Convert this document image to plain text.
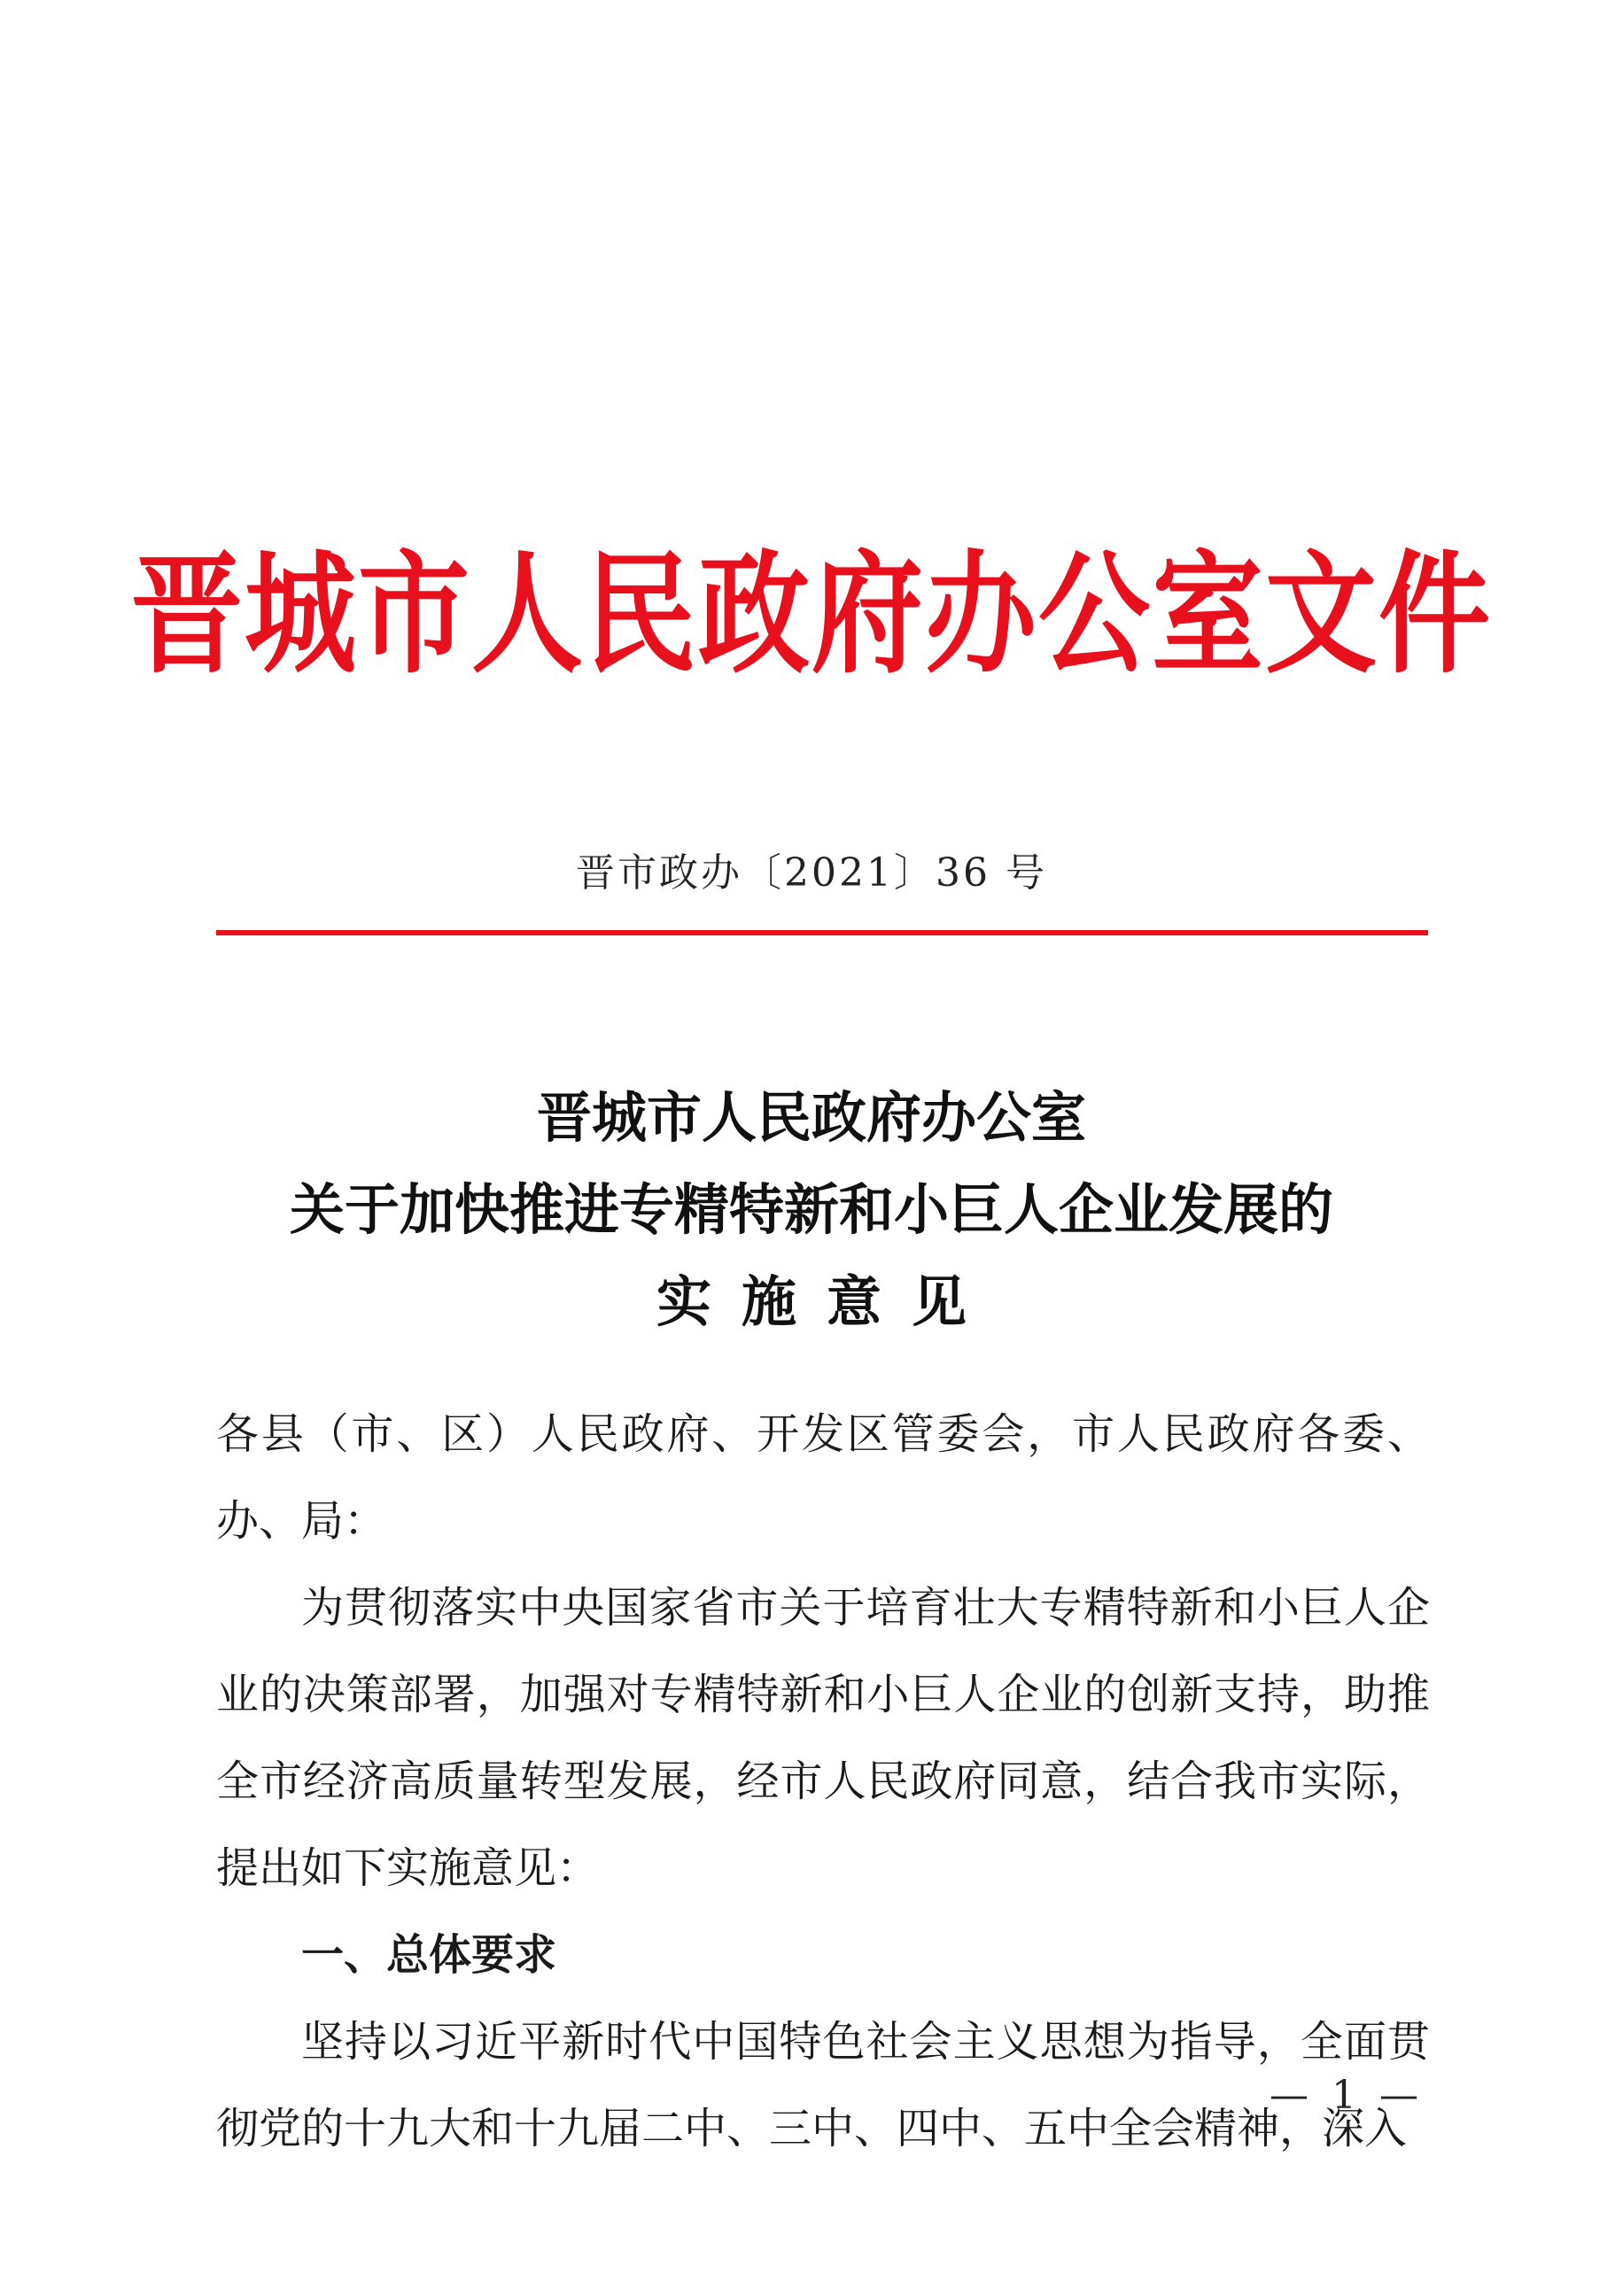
晋城市人民政府办公室文件
晋市政办〔2021〕36 号
晋城市人民政府办公室
关于加快推进专精特新和小巨人企业发展的
实施意见

各县（市、区）人民政府、开发区管委会，市人民政府各委、办、局：

为贯彻落实中央国家省市关于培育壮大专精特新和小巨人企业的决策部署，加强对专精特新和小巨人企业的创新支持，助推全市经济高质量转型发展，经市人民政府同意，结合我市实际，提出如下实施意见：

一、总体要求

坚持以习近平新时代中国特色社会主义思想为指导，全面贯彻党的十九大和十九届二中、三中、四中、五中全会精神，深入

— 1 —
